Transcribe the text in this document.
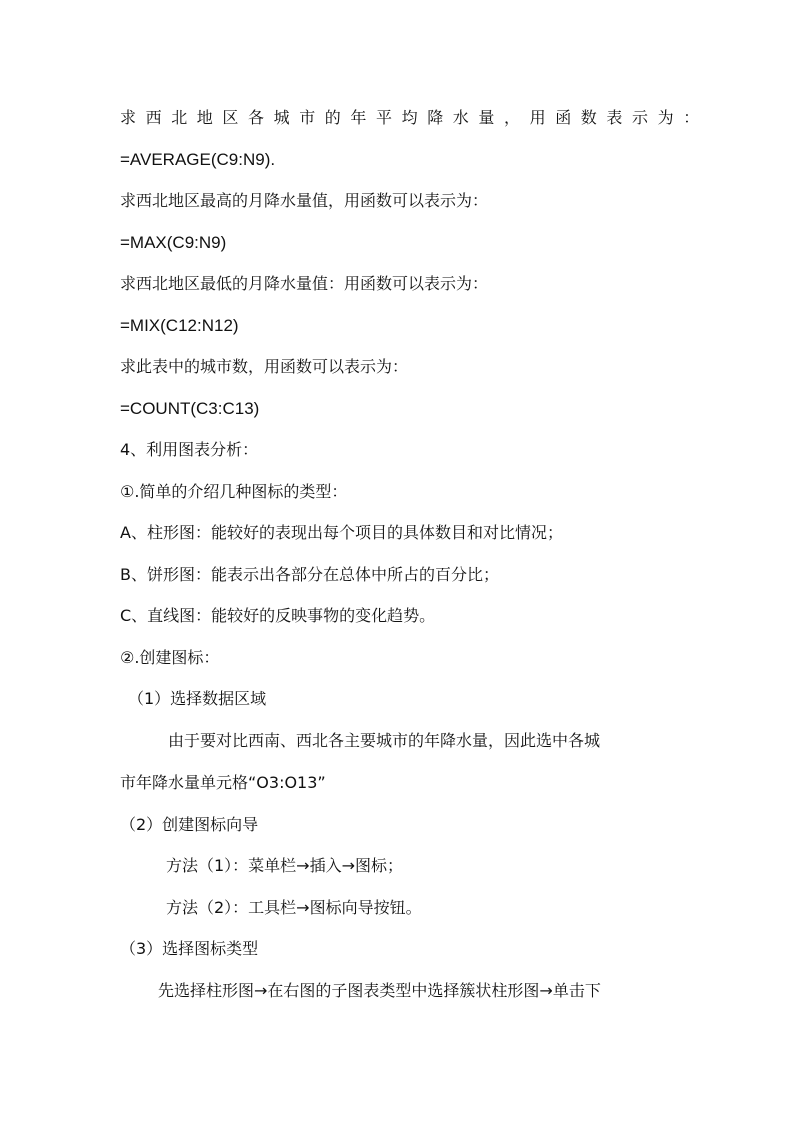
求西北地区各城市的年平均降水量，用函数表示为：
=AVERAGE(C9:N9).
求西北地区最高的月降水量值，用函数可以表示为：
=MAX(C9:N9)
求西北地区最低的月降水量值：用函数可以表示为：
=MIX(C12:N12)
求此表中的城市数，用函数可以表示为：
=COUNT(C3:C13)
4、利用图表分析：
①.简单的介绍几种图标的类型：
A、柱形图：能较好的表现出每个项目的具体数目和对比情况；
B、饼形图：能表示出各部分在总体中所占的百分比；
C、直线图：能较好的反映事物的变化趋势。
②.创建图标：
（1）选择数据区域
由于要对比西南、西北各主要城市的年降水量，因此选中各城
市年降水量单元格“O3:O13”
（2）创建图标向导
方法（1）：菜单栏→插入→图标；
方法（2）：工具栏→图标向导按钮。
（3）选择图标类型
先选择柱形图→在右图的子图表类型中选择簇状柱形图→单击下
